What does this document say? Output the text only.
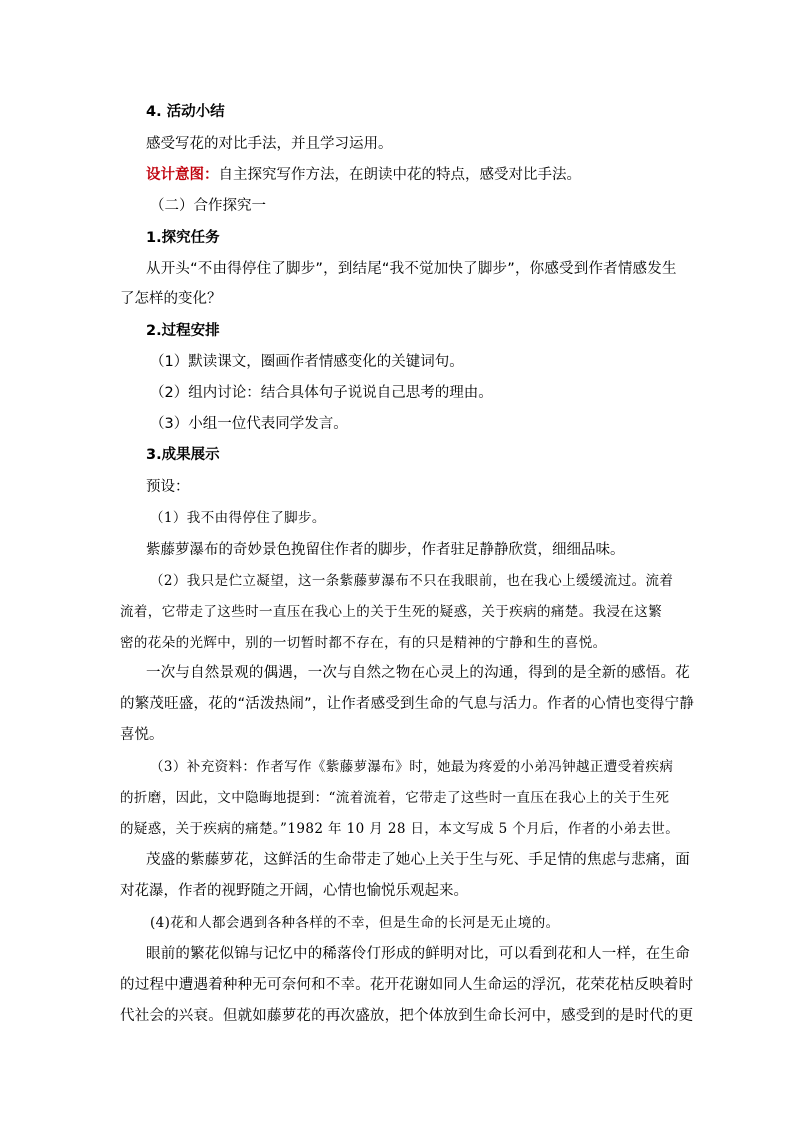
4. 活动小结
感受写花的对比手法，并且学习运用。
设计意图：自主探究写作方法，在朗读中花的特点，感受对比手法。
（二）合作探究一
1.探究任务
从开头“不由得停住了脚步”，到结尾“我不觉加快了脚步”，你感受到作者情感发生
了怎样的变化？
2.过程安排
（1）默读课文，圈画作者情感变化的关键词句。
（2）组内讨论：结合具体句子说说自己思考的理由。
（3）小组一位代表同学发言。
3.成果展示
预设：
（1）我不由得停住了脚步。
紫藤萝瀑布的奇妙景色挽留住作者的脚步，作者驻足静静欣赏，细细品味。
（2）我只是伫立凝望，这一条紫藤萝瀑布不只在我眼前，也在我心上缓缓流过。流着
流着，它带走了这些时一直压在我心上的关于生死的疑惑，关于疾病的痛楚。我浸在这繁
密的花朵的光辉中，别的一切暂时都不存在，有的只是精神的宁静和生的喜悦。
一次与自然景观的偶遇，一次与自然之物在心灵上的沟通，得到的是全新的感悟。花
的繁茂旺盛，花的“活泼热闹”，让作者感受到生命的气息与活力。作者的心情也变得宁静
喜悦。
（3）补充资料：作者写作《紫藤萝瀑布》时，她最为疼爱的小弟冯钟越正遭受着疾病
的折磨，因此，文中隐晦地提到：“流着流着，它带走了这些时一直压在我心上的关于生死
的疑惑，关于疾病的痛楚。”1982 年 10 月 28 日，本文写成 5 个月后，作者的小弟去世。
茂盛的紫藤萝花，这鲜活的生命带走了她心上关于生与死、手足情的焦虑与悲痛，面
对花瀑，作者的视野随之开阔，心情也愉悦乐观起来。
(4)花和人都会遇到各种各样的不幸，但是生命的长河是无止境的。
眼前的繁花似锦与记忆中的稀落伶仃形成的鲜明对比，可以看到花和人一样，在生命
的过程中遭遇着种种无可奈何和不幸。花开花谢如同人生命运的浮沉，花荣花枯反映着时
代社会的兴衰。但就如藤萝花的再次盛放，把个体放到生命长河中，感受到的是时代的更
